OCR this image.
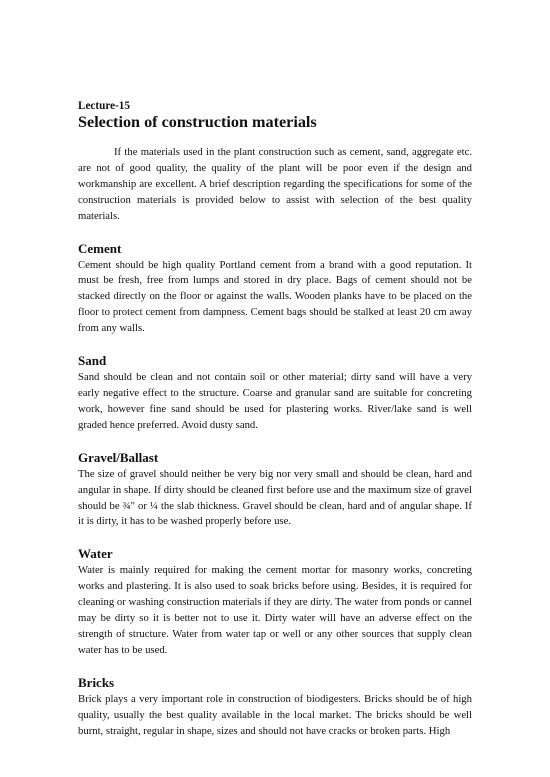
Lecture-15

Selection of construction materials

If the materials used in the plant construction such as cement, sand, aggregate etc. are not of good quality, the quality of the plant will be poor even if the design and workmanship are excellent. A brief description regarding the specifications for some of the construction materials is provided below to assist with selection of the best quality materials.

Cement

Cement should be high quality Portland cement from a brand with a good reputation. It must be fresh, free from lumps and stored in dry place. Bags of cement should not be stacked directly on the floor or against the walls. Wooden planks have to be placed on the floor to protect cement from dampness. Cement bags should be stalked at least 20 cm away from any walls.

Sand

Sand should be clean and not contain soil or other material; dirty sand will have a very early negative effect to the structure. Coarse and granular sand are suitable for concreting work, however fine sand should be used for plastering works. River/lake sand is well graded hence preferred. Avoid dusty sand.

Gravel/Ballast

The size of gravel should neither be very big nor very small and should be clean, hard and angular in shape. If dirty should be cleaned first before use and the maximum size of gravel should be ¾" or ¼ the slab thickness. Gravel should be clean, hard and of angular shape. If it is dirty, it has to be washed properly before use.

Water

Water is mainly required for making the cement mortar for masonry works, concreting works and plastering. It is also used to soak bricks before using. Besides, it is required for cleaning or washing construction materials if they are dirty. The water from ponds or cannel may be dirty so it is better not to use it. Dirty water will have an adverse effect on the strength of structure. Water from water tap or well or any other sources that supply clean water has to be used.

Bricks

Brick plays a very important role in construction of biodigesters. Bricks should be of high quality, usually the best quality available in the local market. The bricks should be well burnt, straight, regular in shape, sizes and should not have cracks or broken parts. High
